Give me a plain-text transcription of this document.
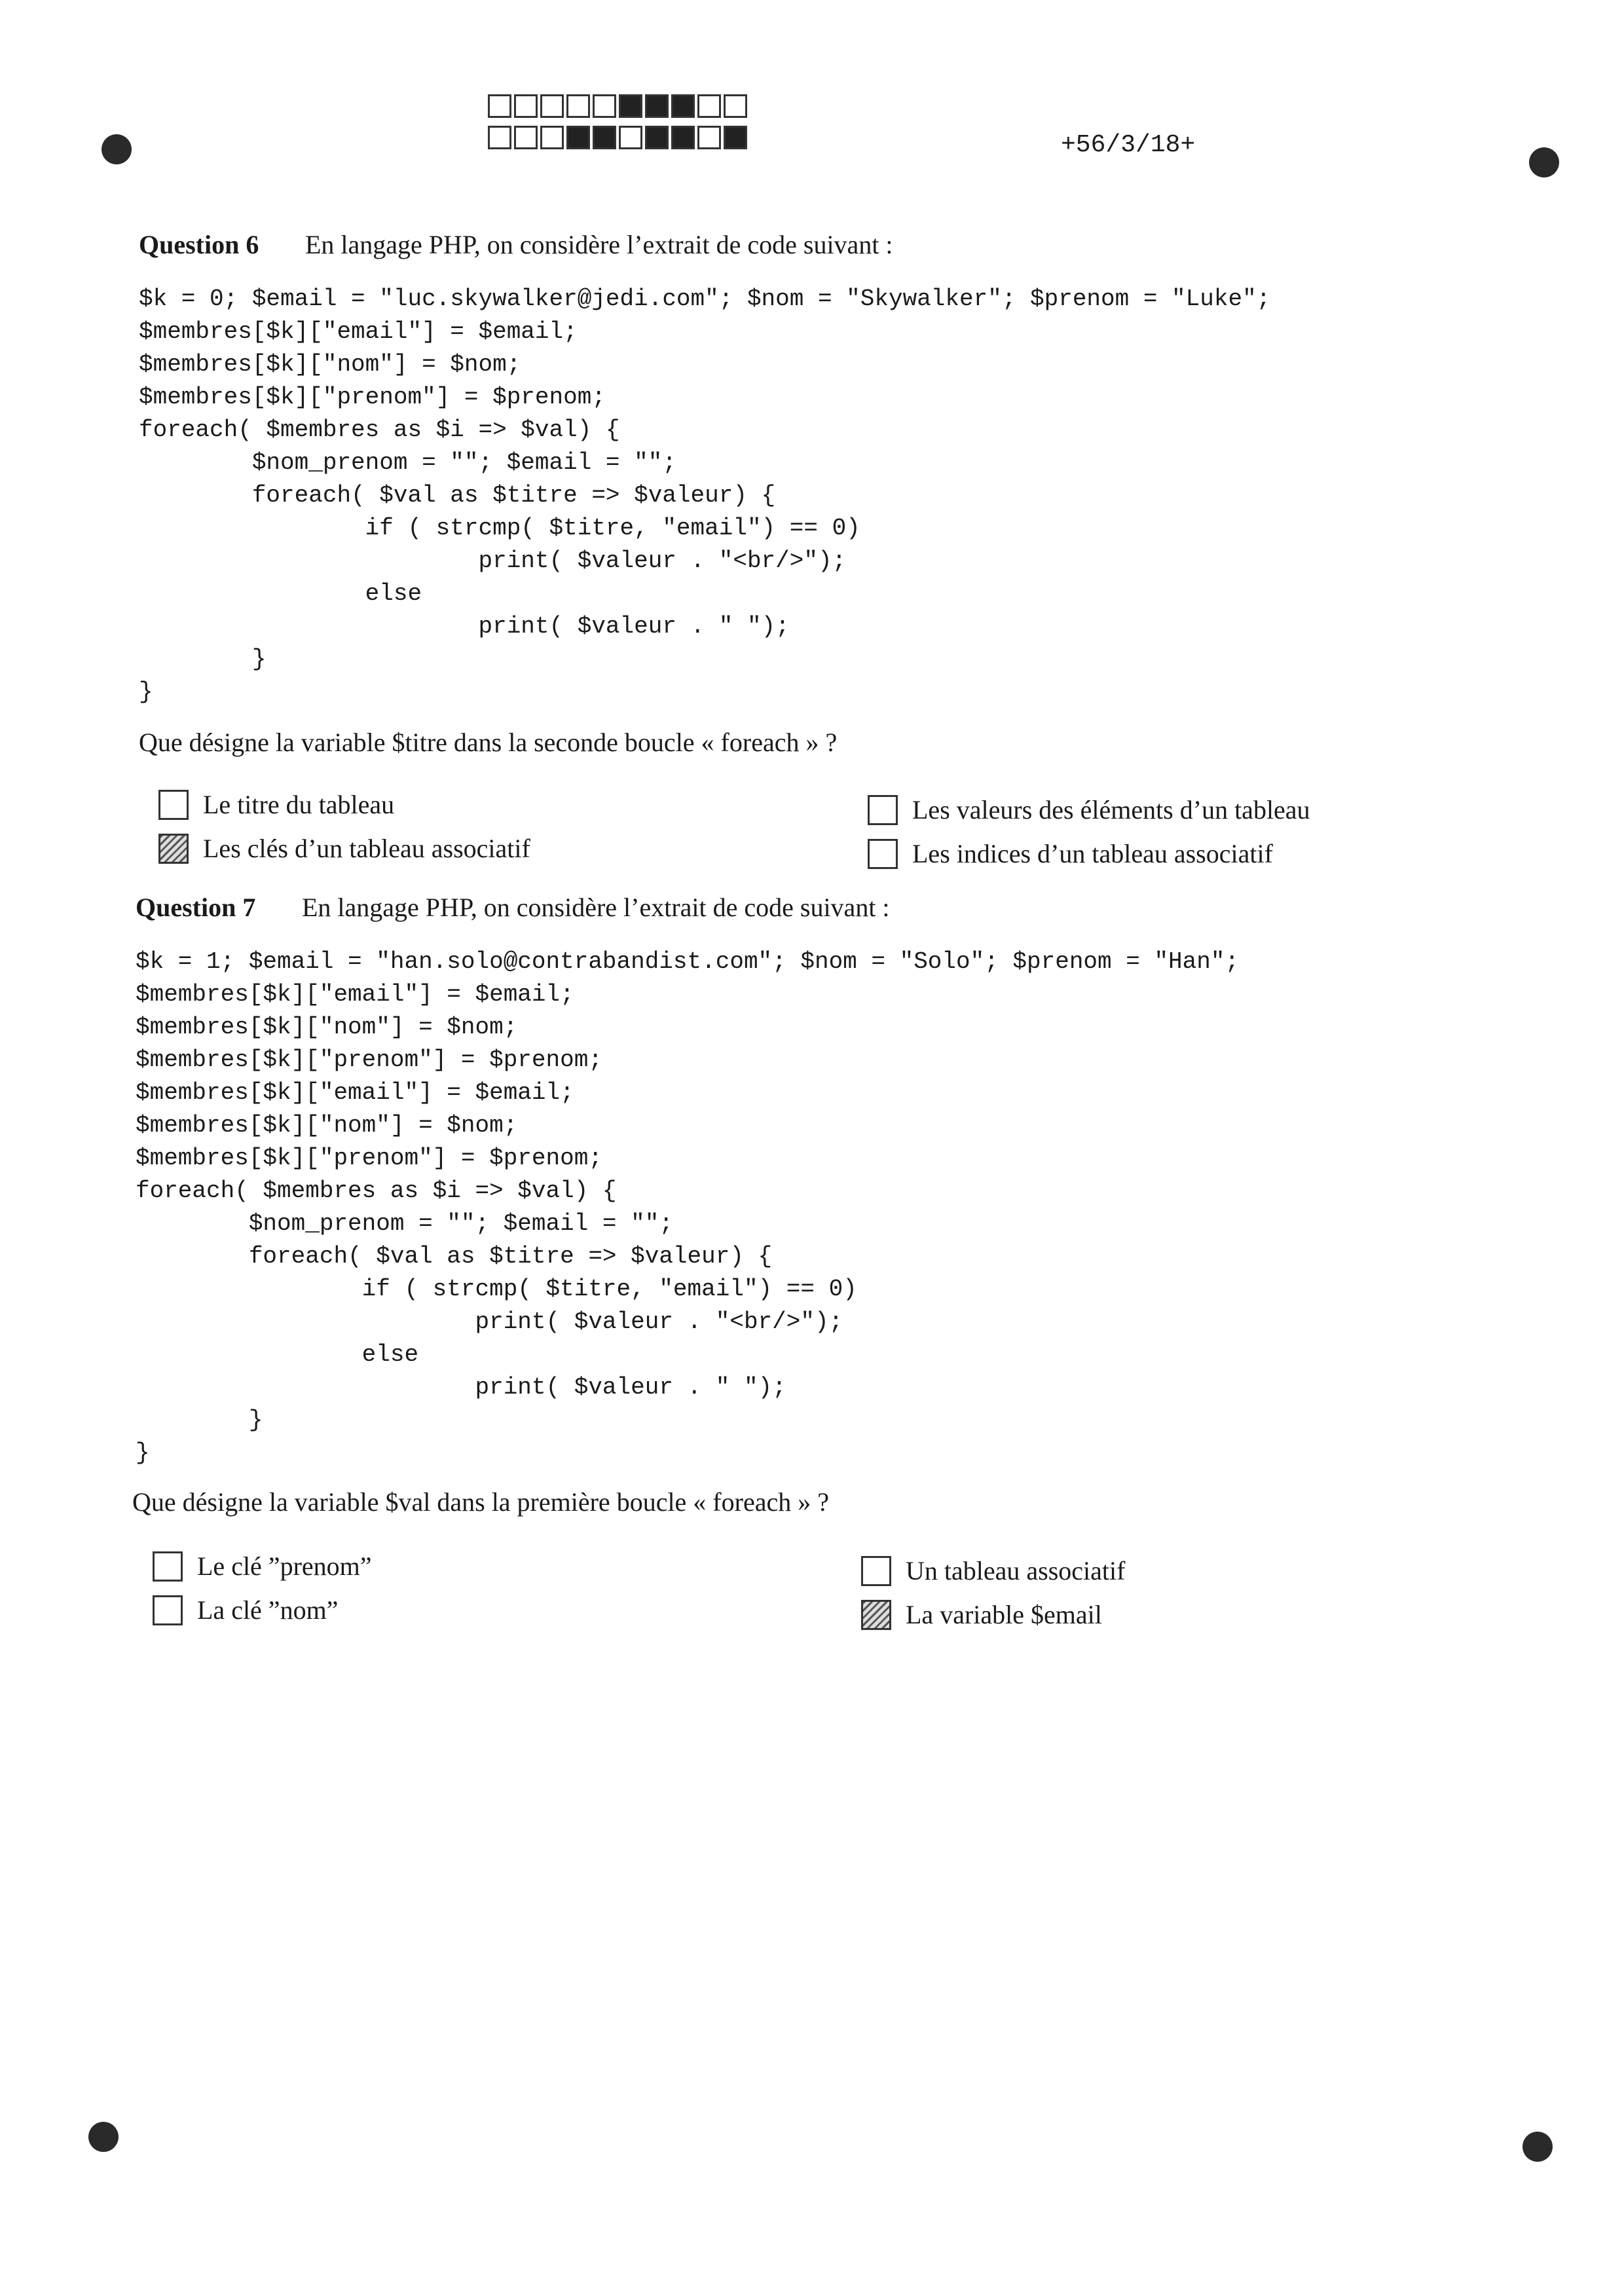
+56/3/18+
Question 6 En langage PHP, on considère l’extrait de code suivant :
$k = 0; $email = "luc.skywalker@jedi.com"; $nom = "Skywalker"; $prenom = "Luke";
$membres[$k]["email"] = $email;
$membres[$k]["nom"] = $nom;
$membres[$k]["prenom"] = $prenom;
foreach( $membres as $i => $val) {
$nom_prenom = ""; $email = "";
foreach( $val as $titre => $valeur) {
if ( strcmp( $titre, "email") == 0)
print( $valeur . "<br/>");
else
print( $valeur . " ");
}
}
Que désigne la variable $titre dans la seconde boucle « foreach » ?
Le titre du tableau
Les clés d’un tableau associatif
Les valeurs des éléments d’un tableau
Les indices d’un tableau associatif
Question 7 En langage PHP, on considère l’extrait de code suivant :
$k = 1; $email = "han.solo@contrabandist.com"; $nom = "Solo"; $prenom = "Han";
$membres[$k]["email"] = $email;
$membres[$k]["nom"] = $nom;
$membres[$k]["prenom"] = $prenom;
$membres[$k]["email"] = $email;
$membres[$k]["nom"] = $nom;
$membres[$k]["prenom"] = $prenom;
foreach( $membres as $i => $val) {
$nom_prenom = ""; $email = "";
foreach( $val as $titre => $valeur) {
if ( strcmp( $titre, "email") == 0)
print( $valeur . "<br/>");
else
print( $valeur . " ");
}
}
Que désigne la variable $val dans la première boucle « foreach » ?
Le clé ”prenom”
La clé ”nom”
Un tableau associatif
La variable $email
